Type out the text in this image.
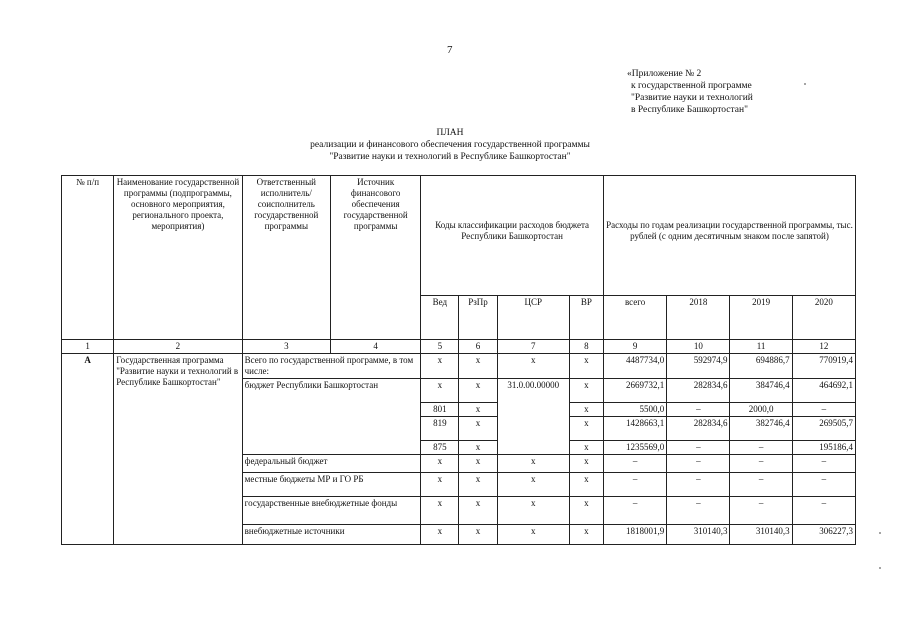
7
«Приложение № 2
к государственной программе
"Развитие науки и технологий
в Республике Башкортостан"
ПЛАН
реализации и финансового обеспечения государственной программы
"Развитие науки и технологий в Республике Башкортостан"
№ п/п	Наименование государственной программы (подпрограммы, основного мероприятия, регионального проекта, мероприятия)	Ответственный исполнитель/ соисполнитель государственной программы	Источник финансового обеспечения государственной программы	Коды классификации расходов бюджета Республики Башкортостан				Расходы по годам реализации государственной программы, тыс. рублей (с одним десятичным знаком после запятой)			
				Вед	РзПр	ЦСР	ВР	всего	2018	2019	2020
1	2	3	4	5	6	7	8	9	10	11	12
А	Государственная программа "Развитие науки и технологий в Республике Башкортостан"	Всего по государственной программе, в том числе:		x	x	x	x	4487734,0	592974,9	694886,7	770919,4
		бюджет Республики Башкортостан		x	x	31.0.00.00000	x	2669732,1	282834,6	384746,4	464692,1
				801	x		x	5500,0	–	2000,0	–
				819	x		x	1428663,1	282834,6	382746,4	269505,7
				875	x		x	1235569,0	–	–	195186,4
		федеральный бюджет		x	x	x	x	–	–	–	–
		местные бюджеты МР и ГО РБ		x	x	x	x	–	–	–	–
		государственные внебюджетные фонды		x	x	x	x	–	–	–	–
		внебюджетные источники		x	x	x	x	1818001,9	310140,3	310140,3	306227,3
